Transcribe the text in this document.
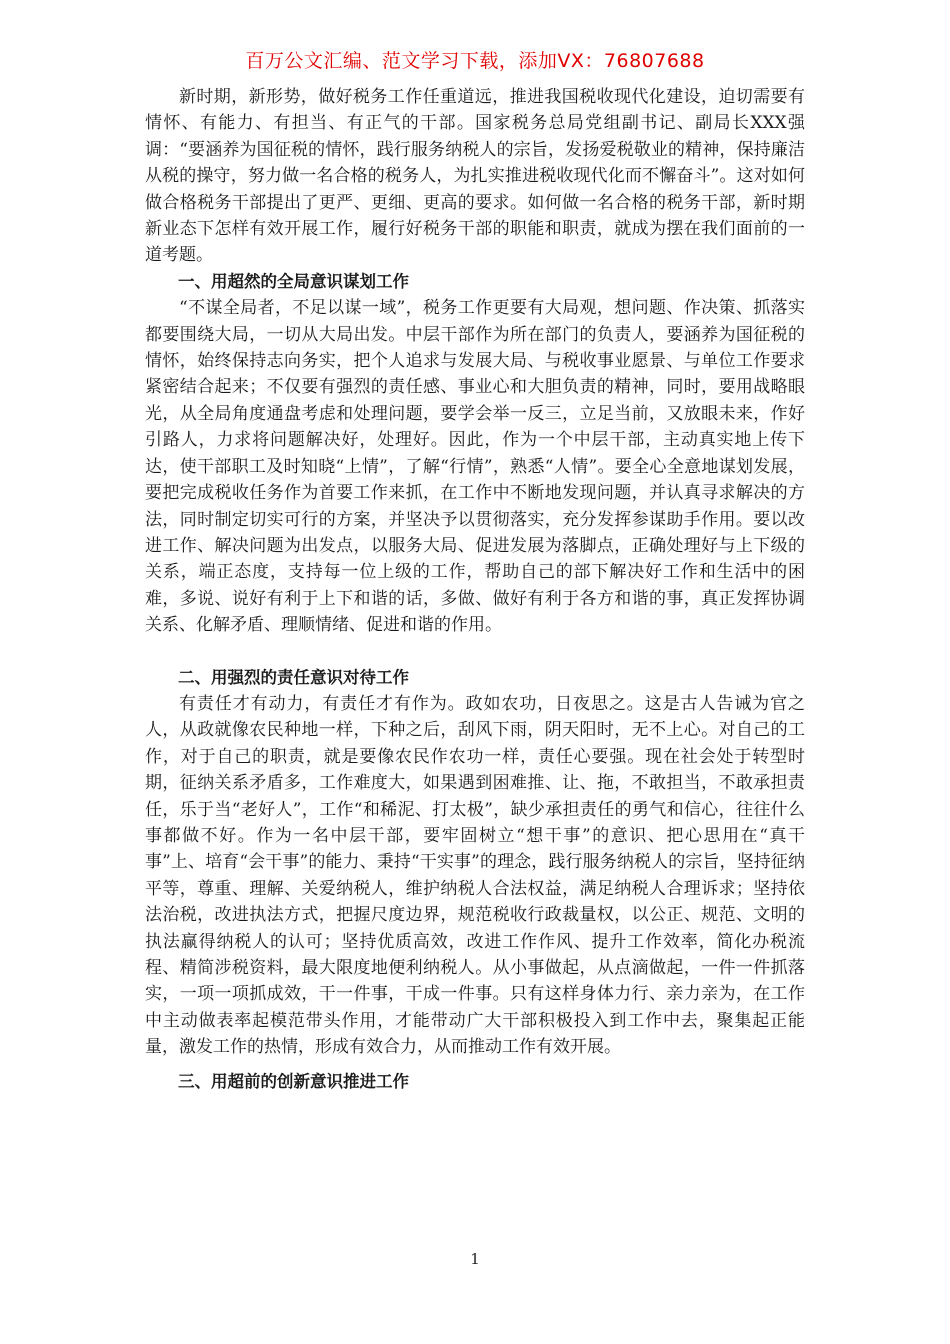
百万公文汇编、范文学习下载，添加VX：76807688

新时期，新形势，做好税务工作任重道远，推进我国税收现代化建设，迫切需要有情怀、有能力、有担当、有正气的干部。国家税务总局党组副书记、副局长XXX强调：“要涵养为国征税的情怀，践行服务纳税人的宗旨，发扬爱税敬业的精神，保持廉洁从税的操守，努力做一名合格的税务人，为扎实推进税收现代化而不懈奋斗”。这对如何做合格税务干部提出了更严、更细、更高的要求。如何做一名合格的税务干部，新时期新业态下怎样有效开展工作，履行好税务干部的职能和职责，就成为摆在我们面前的一道考题。

一、用超然的全局意识谋划工作

“不谋全局者，不足以谋一域”，税务工作更要有大局观，想问题、作决策、抓落实都要围绕大局，一切从大局出发。中层干部作为所在部门的负责人，要涵养为国征税的情怀，始终保持志向务实，把个人追求与发展大局、与税收事业愿景、与单位工作要求紧密结合起来；不仅要有强烈的责任感、事业心和大胆负责的精神，同时，要用战略眼光，从全局角度通盘考虑和处理问题，要学会举一反三，立足当前，又放眼未来，作好引路人，力求将问题解决好，处理好。因此，作为一个中层干部，主动真实地上传下达，使干部职工及时知晓“上情”，了解“行情”，熟悉“人情”。要全心全意地谋划发展，要把完成税收任务作为首要工作来抓，在工作中不断地发现问题，并认真寻求解决的方法，同时制定切实可行的方案，并坚决予以贯彻落实，充分发挥参谋助手作用。要以改进工作、解决问题为出发点，以服务大局、促进发展为落脚点，正确处理好与上下级的关系，端正态度，支持每一位上级的工作，帮助自己的部下解决好工作和生活中的困难，多说、说好有利于上下和谐的话，多做、做好有利于各方和谐的事，真正发挥协调关系、化解矛盾、理顺情绪、促进和谐的作用。

二、用强烈的责任意识对待工作

有责任才有动力，有责任才有作为。政如农功，日夜思之。这是古人告诫为官之人，从政就像农民种地一样，下种之后，刮风下雨，阴天阳时，无不上心。对自己的工作，对于自己的职责，就是要像农民作农功一样，责任心要强。现在社会处于转型时期，征纳关系矛盾多，工作难度大，如果遇到困难推、让、拖，不敢担当，不敢承担责任，乐于当“老好人”，工作“和稀泥、打太极”，缺少承担责任的勇气和信心，往往什么事都做不好。作为一名中层干部，要牢固树立“想干事”的意识、把心思用在“真干事”上、培育“会干事”的能力、秉持“干实事”的理念，践行服务纳税人的宗旨，坚持征纳平等，尊重、理解、关爱纳税人，维护纳税人合法权益，满足纳税人合理诉求；坚持依法治税，改进执法方式，把握尺度边界，规范税收行政裁量权，以公正、规范、文明的执法赢得纳税人的认可；坚持优质高效，改进工作作风、提升工作效率，简化办税流程、精简涉税资料，最大限度地便利纳税人。从小事做起，从点滴做起，一件一件抓落实，一项一项抓成效，干一件事，干成一件事。只有这样身体力行、亲力亲为，在工作中主动做表率起模范带头作用，才能带动广大干部积极投入到工作中去，聚集起正能量，激发工作的热情，形成有效合力，从而推动工作有效开展。

三、用超前的创新意识推进工作

1
